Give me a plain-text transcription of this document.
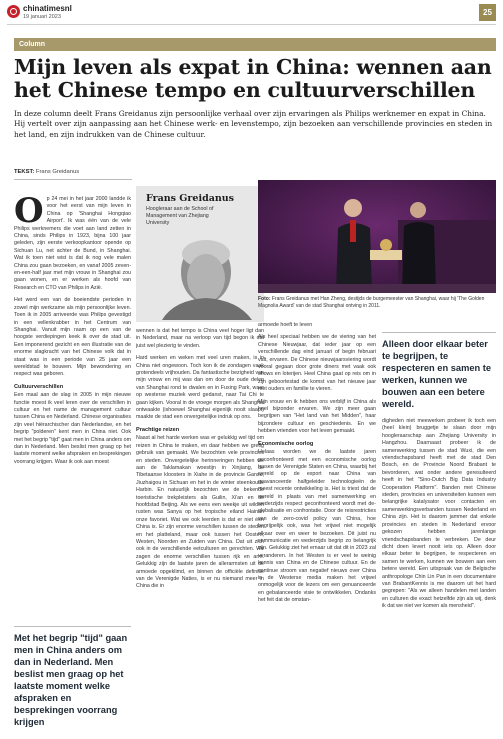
chinatimesnl
19 januari 2023	25
Column
Mijn leven als expat in China: wennen aan het Chinese tempo en cultuurverschillen

In deze column deelt Frans Greidanus zijn persoonlijke verhaal over zijn ervaringen als Philips werknemer en expat in China. Hij vertelt over zijn aanpassing aan het Chinese werk- en levenstempo, zijn bezoeken aan verschillende provincies en steden in het land, en zijn indrukken van de Chinese cultuur.

TEKST: Frans Greidanus

Op 24 mei in het jaar 2000 landde ik voor het eerst van mijn leven in China op 'Shanghai Hongqiao Airport'. Ik was één van de vele Philips werknemers die voet aan land zetten in China, sinds Philips in 1923, bijna 100 jaar geleden, zijn eerste verkoopkantoor opende op Sichuan Lu, net achter de Bund, in Shanghai. Wat ik toen niet wist is dat ik nog vele malen China zou gaan bezoeken, en vanaf 2005 zeven-en-een-half jaar met mijn vrouw in Shanghai zou gaan wonen, en er werken als hoofd van Research en CTO van Philips in Azië.

Het werd een van de boeiendste perioden in zowel mijn werkzame als mijn persoonlijke leven. Toen ik in 2005 arriveerde was Philips gevestigd in een vellenkrabber in het Centrum van Shanghai. Vanuit mijn raam op een van de hoogste verdiepingen keek ik over de stad uit. Een imponerend gezicht en een illustratie van de enorme slagkracht van het Chinese volk dat in staat was in een periode van 25 jaar een wereldstad te bouwen. Mijn bewondering en respect was geboren.

Cultuurverschillen

Een maal aan de slag in 2005 in mijn nieuwe functie moest ik veel leren over de verschillen in cultuur en het name de management cultuur tussen China en Nederland. Chinese organisaties zijn veel hiërarchischer dan Nederlandse, en het begrip "polderen" kent men in China niet. Ook met het begrip "tijd" gaat men in China anders om dan in Nederland. Men beslist men graag op het laatste moment welke afspraken en besprekingen voorrang krijgen. Waar ik ook aan moest

Met het begrip "tijd" gaan men in China anders om dan in Nederland. Men beslist men graag op het laatste moment welke afspraken en besprekingen voorrang krijgen
Frans Greidanus
Hoogleraar aan de School of Management van Zhejiang University

wennen is dat het tempo is China veel hoger ligt dan in Nederland, maar na verloop van tijd begon ik dat juist wel plezierig te vinden.

Hard werken en weken met veel uren maken, is in China niet ongewoon. Toch kon ik de zondagen vaak grotendeels vrijhouden. Da fantastische bezigheid van mijn vrouw en mij was dan om door de oude delen van Shanghai rond te dwalen en in Fuxing Park, waar op westerse muziek werd gedanst, naar Tai Chi te gaan kijken. Vooral in de vroege morgen als Shanghai ontwaakte (ishoewel Shanghai eigenlijk nooit slaapt) maakte de stad een onvergetelijke indruk op ons.

Prachtige reizen

Naast al het harde werken was er gelukkig wel tijd om reizen in China te maken, en daar hebben we gretig gebruik van gemaakt. We bezochten vele provincies en steden. Onvergetelijke herinneringen hebben we aan de Taklamakan woestijn in Xinjiang, de Tibetaanse kloosters in Xiahe in de provincie Gansu, Jiuzhaigou in Sichuan en het in de winter steenkoude Harbin. En natuurlijk bezochten we de bekende toeristische trekpleisters als Guilin, Xi'an en de hoofdstad Beijing. Als we eens een weekje uit wilden rusten was Sanya op het tropische eiland Hainan onze favoriet. Wat we ook leerden is dat er niet één China is. Er zijn enorme verschillen tussen de steden en het platteland, maar ook tussen het Oosten, Westen, Noorden en Zuiden van China. Dat uit zich ook in de verschillende eetculturen en gerechten. We zagen de enorme verschillen tussen rijk en arm. Gelukkig zijn de laatste jaren de allerarmsten uit de armoede opgeklimd, en binnen de officiële definitie van de Verenigde Naties, is er nu niemand meer in China die in

Foto: Frans Greidanus met Han Zheng, destijds de burgemeester van Shanghai, waar hij 'The Golden Magnolia Award' van de stad Shanghai ontving in 2011.

armoede hoeft te leven

Als heel speciaal hebben we de viering van het Chinese Nieuwjaar, dat ieder jaar op een verschillende dag eind januari of begin februari valt, ervaren. De Chinese nieuwjaarsviering wordt vooral gegaan door grote diners met vaak ook shows en loterijen. Heel China gaat op reis om in zijn geboortestad de komst van het nieuwe jaar met ouders en familie te vieren.

Mijn vrouw en ik hebben ons verblijf in China als heel bijzonder ervaren. We zijn meer gaan begrijpen van "Het land van het Midden", haar bijzondere cultuur en geschiedenis. En we hebben vrienden voor het leven gemaakt.

Economische oorlog

Helaas worden we de laatste jaren geconfronteerd met een economische oorlog tussen de Verenigde Staten en China, waarbij het wereld op de export naar China van geavanceerde halfgeleider technologieën de meest recente ontwikkeling is. Het is triest dat de wereld in plaats van met samenwerking en wederzijds respect geconfronteerd wordt met de-globalisatie en confrontatie. Door de reisrestricties van de zero-covid policy van China, hoe begrijpelijk ook, was het vrijwel niet mogelijk elkaar over en weer te bezoeken. Dit juist nu communicatie en wederzijds begrip zo belangrijk zijn. Gelukkig ziet het ernaar uit dat dit in 2023 zal veranderen. In het Westen is er veel te weinig kennis van China en de Chinese cultuur. En de continue stroom van negatief nieuws over China in de Westerse media maken het vrijwel onmogelijk voor de lezers om een genuanceerde en gebalanceerde visie te ontwikkelen. Ondanks het feit dat de omstan-

Alleen door elkaar beter te begrijpen, te respecteren en samen te werken, kunnen we bouwen aan een betere wereld.

digheden niet meewerken probeer ik toch een (heel klein) bruggetje te slaan door mijn hoogleraarschap aan Zhejiang University in Hangzhou. Daarnaast probeer ik de samenwerking tussen de stad Wuxi, die een vriendschapsband heeft met de stad Den Bosch, en de Provincie Noord Brabant te bevorderen, wat onder andere geresulteerd heeft in het "Sino-Dutch Big Data Industry Cooperation Platform". Banden met Chinese steden, provincies en universiteiten kunnen een belangrijke katalysator voor contacten en samenwerkingsverbanden tussen Nederland en China zijn. Het is daarom jammer dat enkele provincies en steden in Nederland ervoor gekozen hebben jarenlange vriendschapsbanden te verbreken. De deur dicht doen levert nooit iets op. Alleen door elkaar beter te begrijpen, te respecteren en samen te werken, kunnen we bouwen aan een betere wereld. Een uitspraak van de Belgische anthropologe Chin Lin Pan in een documentaire van BrabantKennis is me daarom uit het hard gegrepen: "Als we alleen handelen met landen en culturen die exact hetzelfde zijn als wij, denk ik dat we niet ver komen als mensheid".
